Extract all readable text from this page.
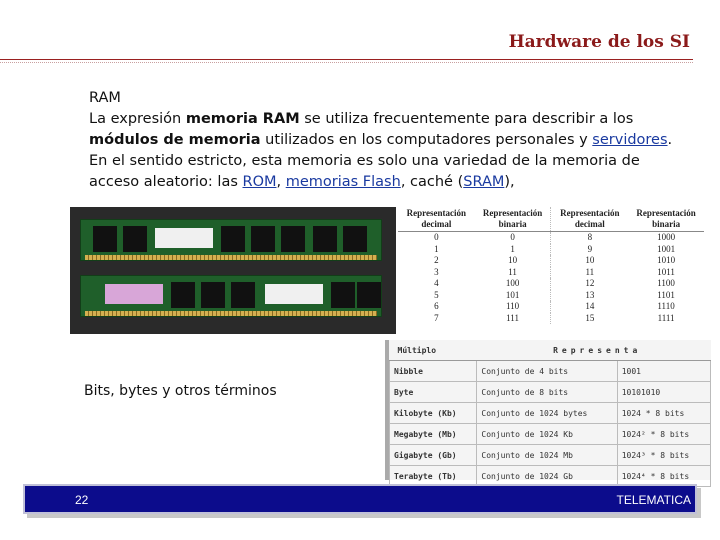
Hardware de los SI
RAM
La expresión memoria RAM se utiliza frecuentemente para describir a los módulos de memoria utilizados en los computadores personales y servidores. En el sentido estricto, esta memoria es solo una variedad de la memoria de acceso aleatorio: las ROM, memorias Flash, caché (SRAM),
Representación decimal	Representación binaria	Representación decimal	Representación binaria
0	0	8	1000
1	1	9	1001
2	10	10	1010
3	11	11	1011
4	100	12	1100
5	101	13	1101
6	110	14	1110
7	111	15	1111
Múltiplo	Representa	
Nibble	Conjunto de 4 bits	1001
Byte	Conjunto de 8 bits	10101010
Kilobyte (Kb)	Conjunto de 1024 bytes	1024 * 8 bits
Megabyte (Mb)	Conjunto de 1024 Kb	1024² * 8 bits
Gigabyte (Gb)	Conjunto de 1024 Mb	1024³ * 8 bits
Terabyte (Tb)	Conjunto de 1024 Gb	1024⁴ * 8 bits
Bits, bytes y otros términos
22	TELEMATICA
